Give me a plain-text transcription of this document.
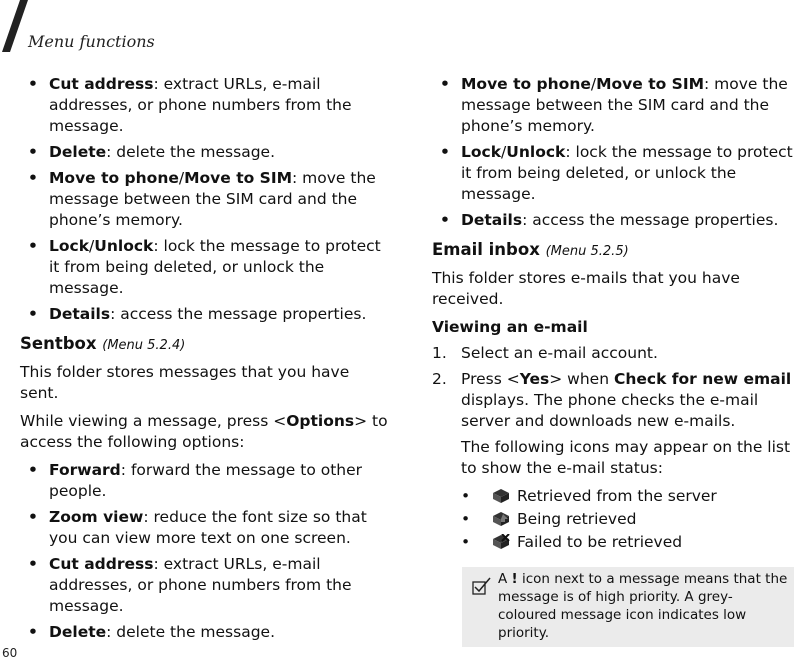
Menu functions
• Cut address: extract URLs, e-mail addresses, or phone numbers from the message.
• Delete: delete the message.
• Move to phone/Move to SIM: move the message between the SIM card and the phone’s memory.
• Lock/Unlock: lock the message to protect it from being deleted, or unlock the message.
• Details: access the message properties.
Sentbox (Menu 5.2.4)
This folder stores messages that you have sent.
While viewing a message, press <Options> to access the following options:
• Forward: forward the message to other people.
• Zoom view: reduce the font size so that you can view more text on one screen.
• Cut address: extract URLs, e-mail addresses, or phone numbers from the message.
• Delete: delete the message.
• Move to phone/Move to SIM: move the message between the SIM card and the phone’s memory.
• Lock/Unlock: lock the message to protect it from being deleted, or unlock the message.
• Details: access the message properties.
Email inbox (Menu 5.2.5)
This folder stores e-mails that you have received.
Viewing an e-mail
1. Select an e-mail account.
2. Press <Yes> when Check for new email displays. The phone checks the e-mail server and downloads new e-mails.
The following icons may appear on the list to show the e-mail status:
•	Retrieved from the server
•	Being retrieved
•	Failed to be retrieved
A ! icon next to a message means that the message is of high priority. A grey-coloured message icon indicates low priority.
60
